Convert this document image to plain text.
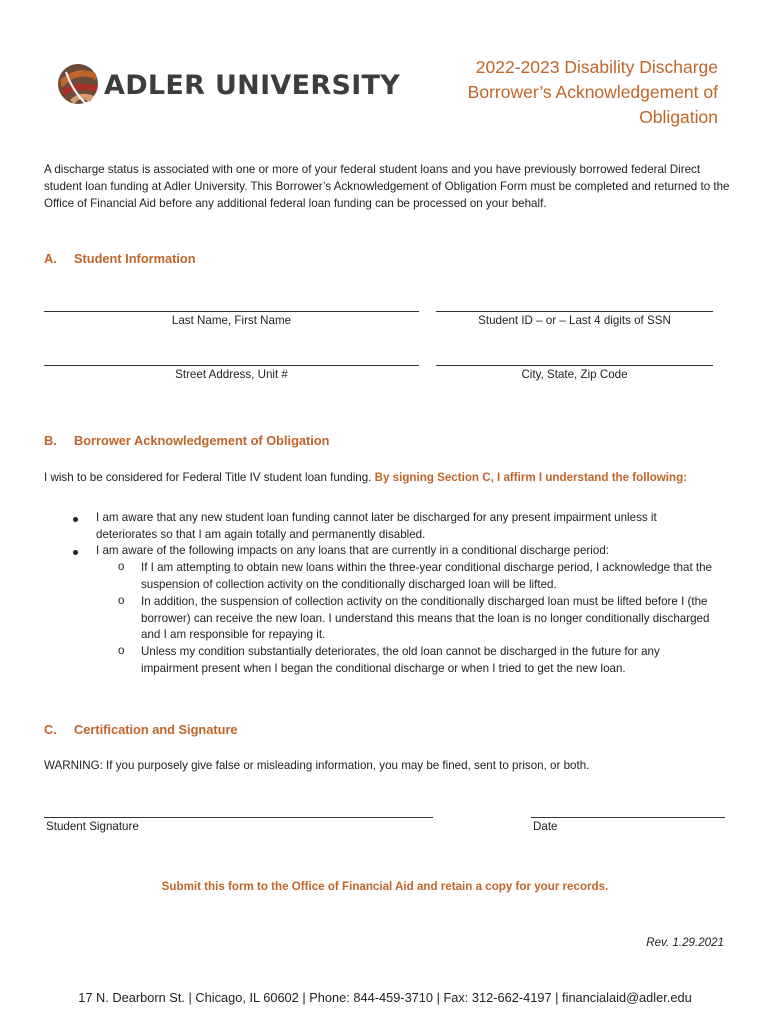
ADLER UNIVERSITY
2022-2023 Disability Discharge
Borrower’s Acknowledgement of
Obligation
A discharge status is associated with one or more of your federal student loans and you have previously borrowed federal Direct student loan funding at Adler University. This Borrower’s Acknowledgement of Obligation Form must be completed and returned to the Office of Financial Aid before any additional federal loan funding can be processed on your behalf.
A. Student Information
Last Name, First Name	Student ID – or – Last 4 digits of SSN
Street Address, Unit #	City, State, Zip Code
B. Borrower Acknowledgement of Obligation
I wish to be considered for Federal Title IV student loan funding. By signing Section C, I affirm I understand the following:
I am aware that any new student loan funding cannot later be discharged for any present impairment unless it deteriorates so that I am again totally and permanently disabled.
I am aware of the following impacts on any loans that are currently in a conditional discharge period:
o If I am attempting to obtain new loans within the three-year conditional discharge period, I acknowledge that the suspension of collection activity on the conditionally discharged loan will be lifted.
o In addition, the suspension of collection activity on the conditionally discharged loan must be lifted before I (the borrower) can receive the new loan. I understand this means that the loan is no longer conditionally discharged and I am responsible for repaying it.
o Unless my condition substantially deteriorates, the old loan cannot be discharged in the future for any impairment present when I began the conditional discharge or when I tried to get the new loan.
C. Certification and Signature
WARNING: If you purposely give false or misleading information, you may be fined, sent to prison, or both.
Student Signature	Date
Submit this form to the Office of Financial Aid and retain a copy for your records.
Rev. 1.29.2021
17 N. Dearborn St. | Chicago, IL 60602 | Phone: 844-459-3710 | Fax: 312-662-4197 | financialaid@adler.edu
